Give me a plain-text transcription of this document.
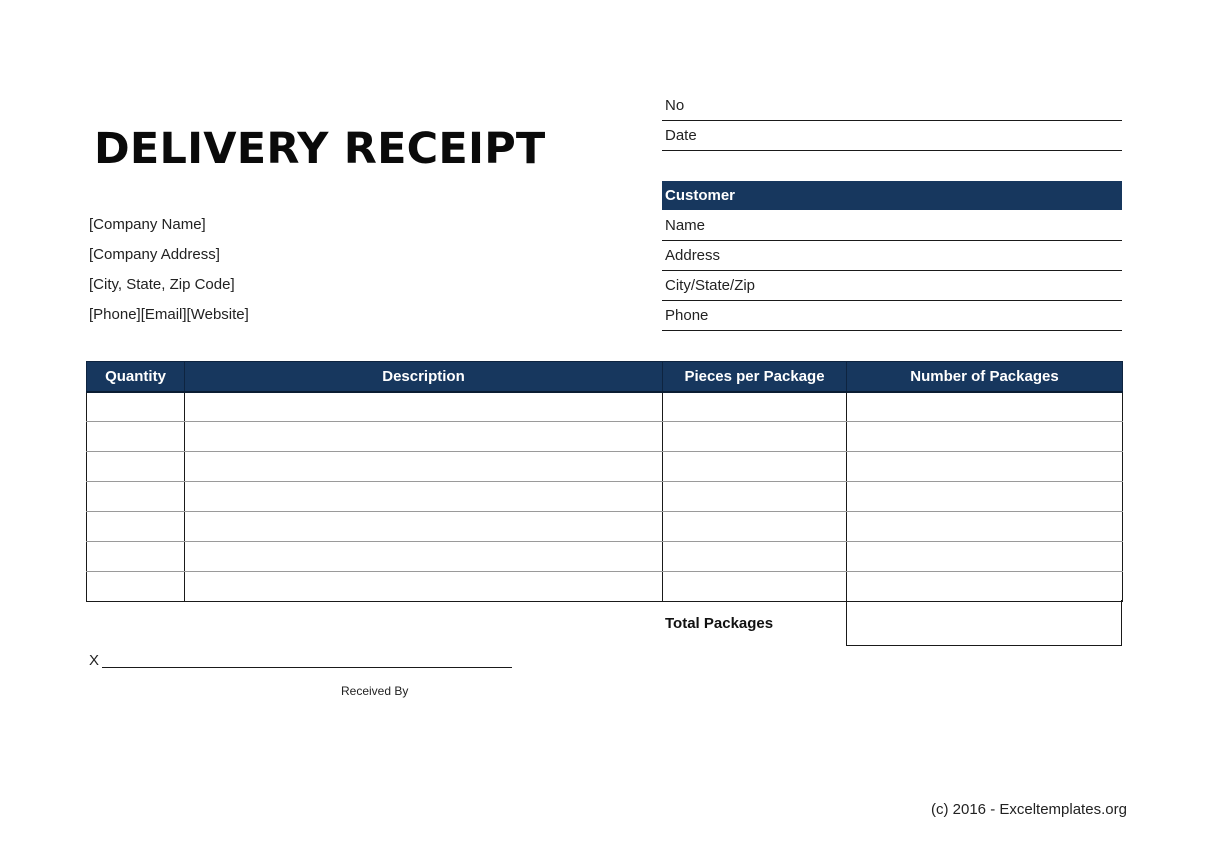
DELIVERY RECEIPT
[Company Name]
[Company Address]
[City, State, Zip Code]
[Phone][Email][Website]
No
Date
Customer
Name
Address
City/State/Zip
Phone
Quantity	Description	Pieces per Package	Number of Packages

Total Packages
X
Received By
(c) 2016 - Exceltemplates.org
